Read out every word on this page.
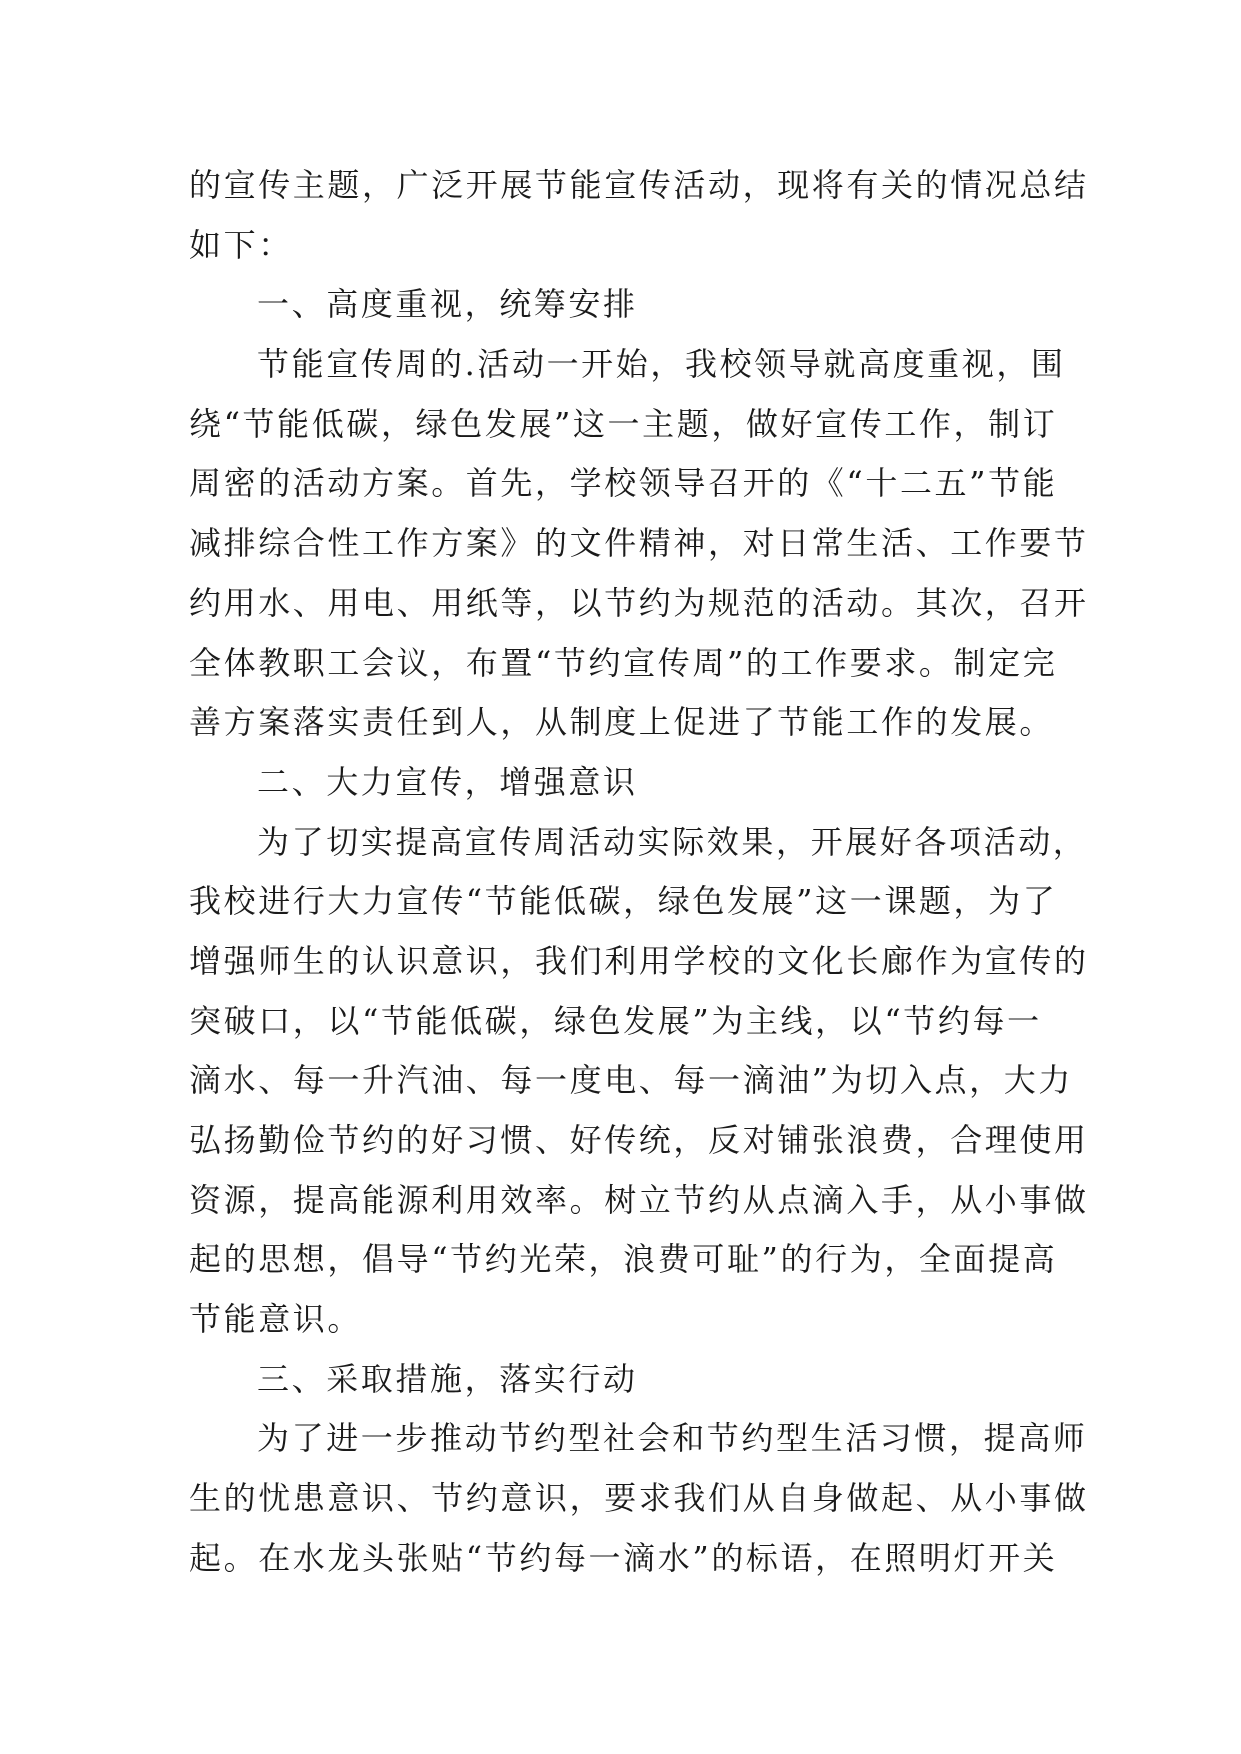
的宣传主题，广泛开展节能宣传活动，现将有关的情况总结
如下：
一、高度重视，统筹安排
节能宣传周的.活动一开始，我校领导就高度重视，围
绕“节能低碳，绿色发展”这一主题，做好宣传工作，制订
周密的活动方案。首先，学校领导召开的《“十二五”节能
减排综合性工作方案》的文件精神，对日常生活、工作要节
约用水、用电、用纸等，以节约为规范的活动。其次，召开
全体教职工会议，布置“节约宣传周”的工作要求。制定完
善方案落实责任到人，从制度上促进了节能工作的发展。
二、大力宣传，增强意识
为了切实提高宣传周活动实际效果，开展好各项活动，
我校进行大力宣传“节能低碳，绿色发展”这一课题，为了
增强师生的认识意识，我们利用学校的文化长廊作为宣传的
突破口，以“节能低碳，绿色发展”为主线，以“节约每一
滴水、每一升汽油、每一度电、每一滴油”为切入点，大力
弘扬勤俭节约的好习惯、好传统，反对铺张浪费，合理使用
资源，提高能源利用效率。树立节约从点滴入手，从小事做
起的思想，倡导“节约光荣，浪费可耻”的行为，全面提高
节能意识。
三、采取措施，落实行动
为了进一步推动节约型社会和节约型生活习惯，提高师
生的忧患意识、节约意识，要求我们从自身做起、从小事做
起。在水龙头张贴“节约每一滴水”的标语，在照明灯开关
